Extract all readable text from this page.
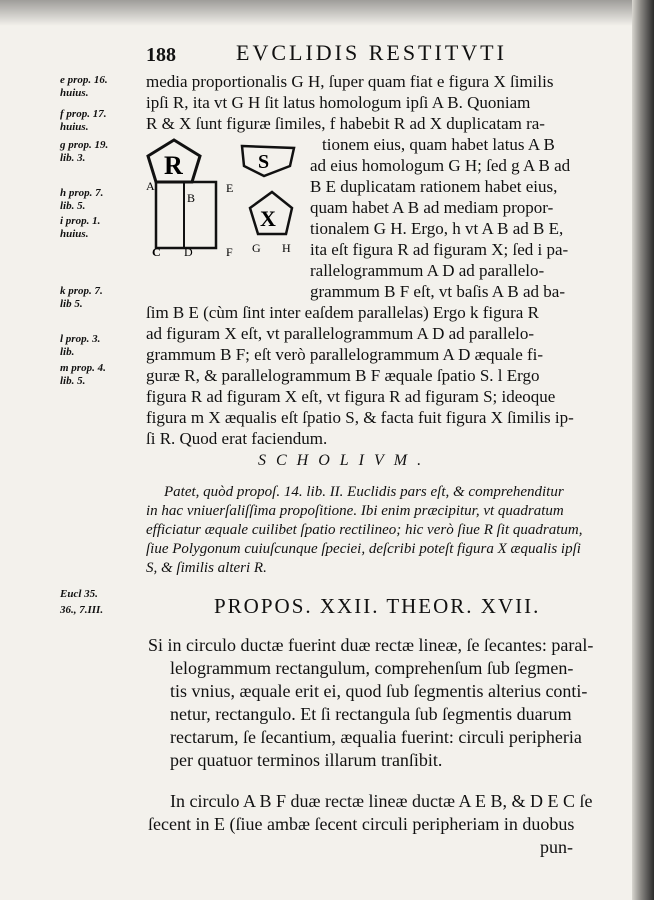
188	EVCLIDIS RESTITVTI
e prop. 16.
huius.
f prop. 17.
huius.
g prop. 19.
lib. 3.
h prop. 7.
lib. 5.
i prop. 1.
huius.
k prop. 7.
lib 5.
l prop. 3.
lib.
m prop. 4.
lib. 5.
Eucl 35.
36., 7.III.
R
A
B
E
C D	F
S
X
G H
media proportionalis G H, ſuper quam fiat e figura X ſimilis
ipſi R, ita vt G H ſit latus homologum ipſi A B. Quoniam
R & X ſunt figuræ ſimiles, f habebit R ad X duplicatam ra-
tionem eius, quam habet latus A B
ad eius homologum G H; ſed g A B ad
B E duplicatam rationem habet eius,
quam habet A B ad mediam propor-
tionalem G H. Ergo, h vt A B ad B E,
ita eſt figura R ad figuram X; ſed i pa-
rallelogrammum A D ad parallelo-
grammum B F eſt, vt baſis A B ad ba-
ſim B E (cùm ſint inter eaſdem parallelas) Ergo k figura R
ad figuram X eſt, vt parallelogrammum A D ad parallelo-
grammum B F; eſt verò parallelogrammum A D æquale fi-
guræ R, & parallelogrammum B F æquale ſpatio S. l Ergo
figura R ad figuram X eſt, vt figura R ad figuram S; ideoque
figura m X æqualis eſt ſpatio S, & facta fuit figura X ſimilis ip-
ſi R. Quod erat faciendum.
SCHOLIVM.
Patet, quòd propoſ. 14. lib. II. Euclidis pars eſt, & comprehenditur
in hac vniuerſaliſſima propoſitione. Ibi enim præcipitur, vt quadratum
efficiatur æquale cuilibet ſpatio rectilineo; hic verò ſiue R ſit quadratum,
ſiue Polygonum cuiuſcunque ſpeciei, deſcribi poteſt figura X æqualis ipſi
S, & ſimilis alteri R.
PROPOS. XXII. THEOR. XVII.
Si in circulo ductæ fuerint duæ rectæ lineæ, ſe ſecantes: paral-
lelogrammum rectangulum, comprehenſum ſub ſegmen-
tis vnius, æquale erit ei, quod ſub ſegmentis alterius conti-
netur, rectangulo. Et ſi rectangula ſub ſegmentis duarum
rectarum, ſe ſecantium, æqualia fuerint: circuli peripheria
per quatuor terminos illarum tranſibit.
In circulo A B F duæ rectæ lineæ ductæ A E B, & D E C ſe
ſecent in E (ſiue ambæ ſecent circuli peripheriam in duobus
pun-
